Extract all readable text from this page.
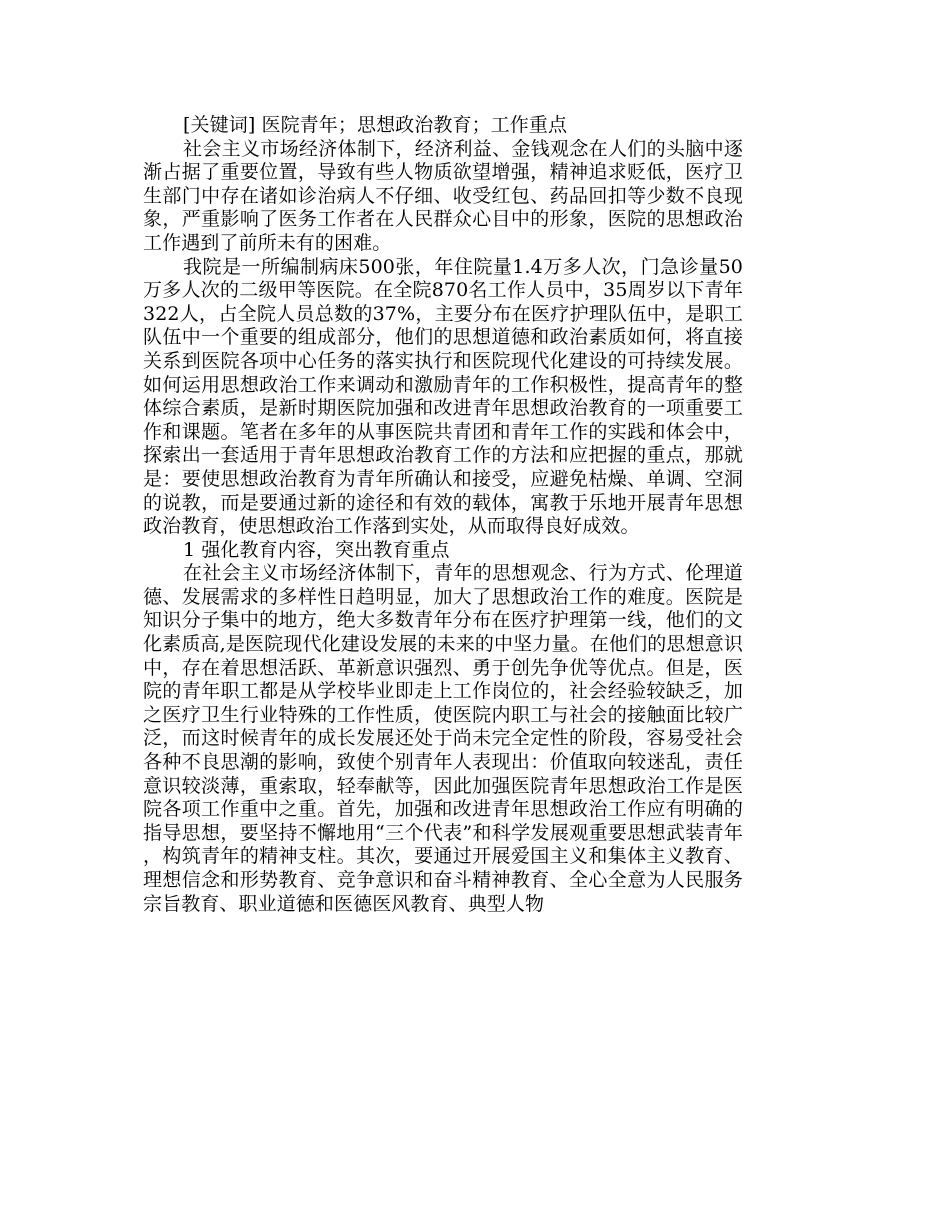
[关键词] 医院青年；思想政治教育；工作重点

社会主义市场经济体制下，经济利益、金钱观念在人们的头脑中逐渐占据了重要位置，导致有些人物质欲望增强，精神追求贬低，医疗卫生部门中存在诸如诊治病人不仔细、收受红包、药品回扣等少数不良现象，严重影响了医务工作者在人民群众心目中的形象，医院的思想政治工作遇到了前所未有的困难。

我院是一所编制病床500张，年住院量1.4万多人次，门急诊量50万多人次的二级甲等医院。在全院870名工作人员中，35周岁以下青年322人，占全院人员总数的37%，主要分布在医疗护理队伍中，是职工队伍中一个重要的组成部分，他们的思想道德和政治素质如何，将直接关系到医院各项中心任务的落实执行和医院现代化建设的可持续发展。如何运用思想政治工作来调动和激励青年的工作积极性，提高青年的整体综合素质，是新时期医院加强和改进青年思想政治教育的一项重要工作和课题。笔者在多年的从事医院共青团和青年工作的实践和体会中，探索出一套适用于青年思想政治教育工作的方法和应把握的重点，那就是：要使思想政治教育为青年所确认和接受，应避免枯燥、单调、空洞的说教，而是要通过新的途径和有效的载体，寓教于乐地开展青年思想政治教育，使思想政治工作落到实处，从而取得良好成效。

1 强化教育内容，突出教育重点

在社会主义市场经济体制下，青年的思想观念、行为方式、伦理道德、发展需求的多样性日趋明显，加大了思想政治工作的难度。医院是知识分子集中的地方，绝大多数青年分布在医疗护理第一线，他们的文化素质高,是医院现代化建设发展的未来的中坚力量。在他们的思想意识中，存在着思想活跃、革新意识强烈、勇于创先争优等优点。但是，医院的青年职工都是从学校毕业即走上工作岗位的，社会经验较缺乏，加之医疗卫生行业特殊的工作性质，使医院内职工与社会的接触面比较广泛，而这时候青年的成长发展还处于尚未完全定性的阶段，容易受社会各种不良思潮的影响，致使个别青年人表现出：价值取向较迷乱，责任意识较淡薄，重索取，轻奉献等，因此加强医院青年思想政治工作是医院各项工作重中之重。首先，加强和改进青年思想政治工作应有明确的指导思想，要坚持不懈地用“三个代表”和科学发展观重要思想武装青年，构筑青年的精神支柱。其次，要通过开展爱国主义和集体主义教育、理想信念和形势教育、竞争意识和奋斗精神教育、全心全意为人民服务宗旨教育、职业道德和医德医风教育、典型人物
